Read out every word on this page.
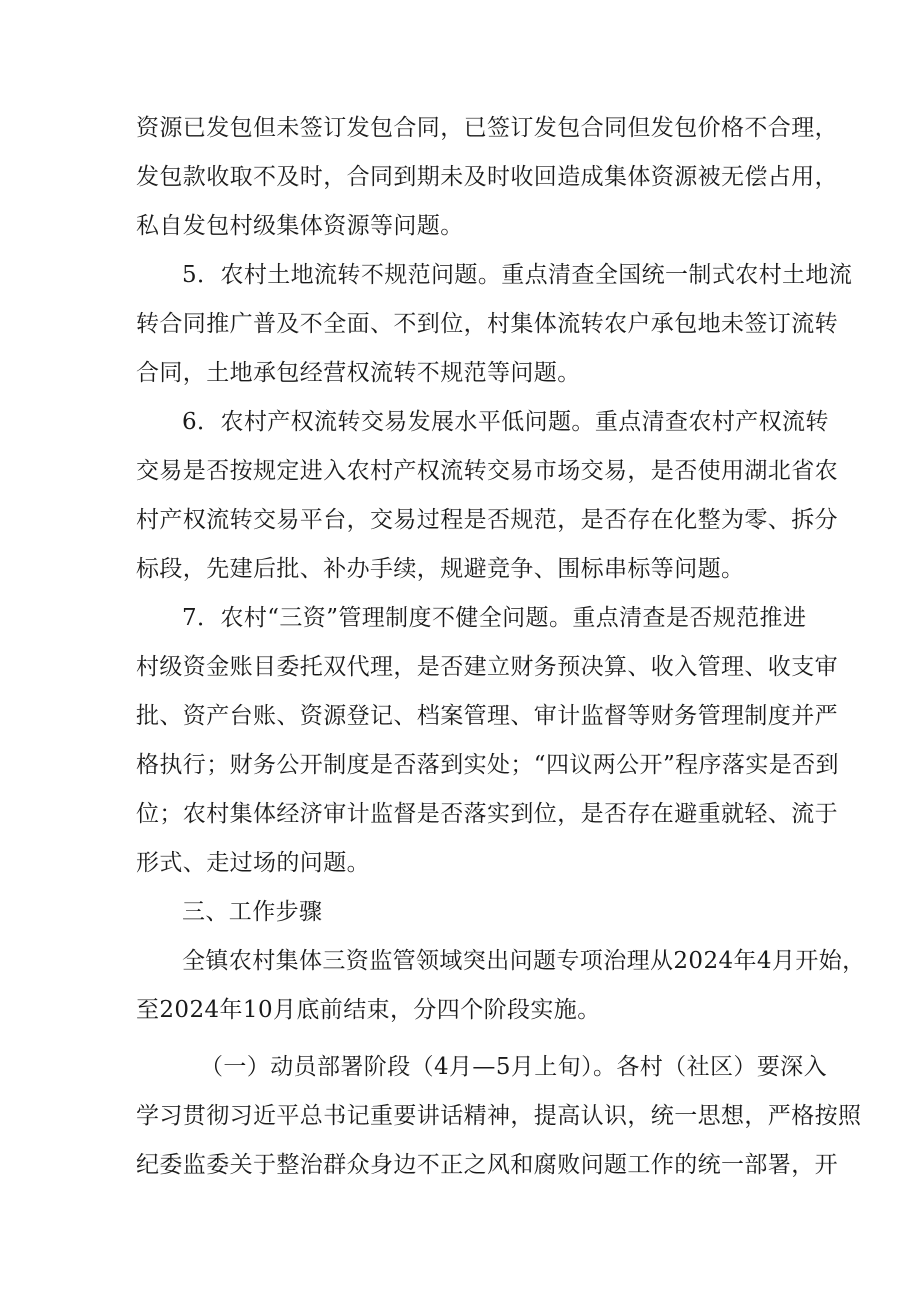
资源已发包但未签订发包合同，已签订发包合同但发包价格不合理，
发包款收取不及时，合同到期未及时收回造成集体资源被无偿占用，
私自发包村级集体资源等问题。
5．农村土地流转不规范问题。重点清查全国统一制式农村土地流
转合同推广普及不全面、不到位，村集体流转农户承包地未签订流转
合同，土地承包经营权流转不规范等问题。
6．农村产权流转交易发展水平低问题。重点清查农村产权流转
交易是否按规定进入农村产权流转交易市场交易，是否使用湖北省农
村产权流转交易平台，交易过程是否规范，是否存在化整为零、拆分
标段，先建后批、补办手续，规避竞争、围标串标等问题。
7．农村“三资”管理制度不健全问题。重点清查是否规范推进
村级资金账目委托双代理，是否建立财务预决算、收入管理、收支审
批、资产台账、资源登记、档案管理、审计监督等财务管理制度并严
格执行；财务公开制度是否落到实处；“四议两公开”程序落实是否到
位；农村集体经济审计监督是否落实到位，是否存在避重就轻、流于
形式、走过场的问题。
三、工作步骤
全镇农村集体三资监管领域突出问题专项治理从2024年4月开始，
至2024年10月底前结束，分四个阶段实施。
（一）动员部署阶段（4月—5月上旬）。各村（社区）要深入
学习贯彻习近平总书记重要讲话精神，提高认识，统一思想，严格按照
纪委监委关于整治群众身边不正之风和腐败问题工作的统一部署，开
